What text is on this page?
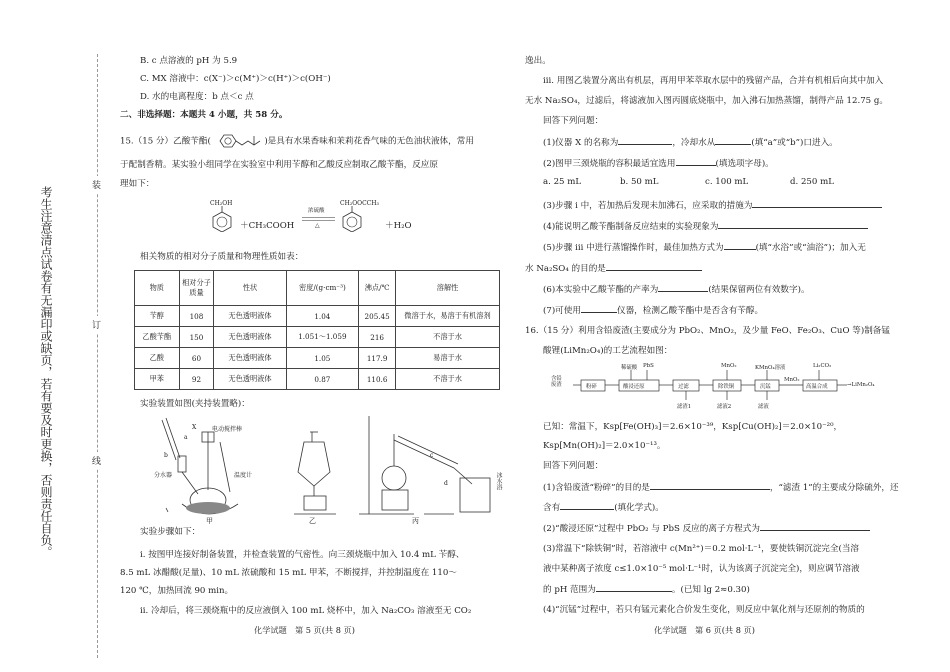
考生注意清点试卷有无漏印或缺页，若有要及时更换，否则责任自负。	装
订
线
B. c 点溶液的 pH 为 5.9
C. MX 溶液中：c(X⁻)＞c(M⁺)＞c(H⁺)＞c(OH⁻)
D. 水的电离程度：b 点＜c 点
二、非选择题：本题共 4 小题，共 58 分。
15.（15 分）乙酸苄酯(	)是具有水果香味和茉莉花香气味的无色油状液体，常用
于配制香精。某实验小组同学在实验室中利用苄醇和乙酸反应制取乙酸苄酯，反应原
理如下：
CH₂OH
＋CH₃COOH
浓硫酸
△
CH₂OOCCH₃
＋H₂O
相关物质的相对分子质量和物理性质如表：
物质	相对分子质量	性状	密度/(g·cm⁻³)	沸点/℃	溶解性
苄醇	108	无色透明液体	1.04	205.45	微溶于水，易溶于有机溶剂
乙酸苄酯	150	无色透明液体	1.051～1.059	216	不溶于水
乙酸	60	无色透明液体	1.05	117.9	易溶于水
甲苯	92	无色透明液体	0.87	110.6	不溶于水
实验装置如图(夹持装置略)：
X	电动搅拌棒
分水器	温度计
a
b	c
d	冰水浴
甲	乙	丙
实验步骤如下：
i. 按图甲连接好制备装置，并检查装置的气密性。向三颈烧瓶中加入 10.4 mL 苄醇、
8.5 mL 冰醋酸(足量)、10 mL 浓硫酸和 15 mL 甲苯，不断搅拌，并控制温度在 110～
120 ℃，加热回流 90 min。
ii. 冷却后，将三颈烧瓶中的反应液倒入 100 mL 烧杯中，加入 Na₂CO₃ 溶液至无 CO₂
化学试题　第 5 页(共 8 页)
逸出。
iii. 用图乙装置分离出有机层，再用甲苯萃取水层中的残留产品，合并有机相后向其中加入
无水 Na₂SO₄，过滤后，将滤液加入图丙圆底烧瓶中，加入沸石加热蒸馏，制得产品 12.75 g。
回答下列问题：
(1)仪器 X 的名称为	，冷却水从	(填“a”或“b”)口进入。
(2)图甲三颈烧瓶的容积最适宜选用	(填选项字母)。
a. 25 mL	b. 50 mL	c. 100 mL	d. 250 mL
(3)步骤 i 中，若加热后发现未加沸石，应采取的措施为
(4)能说明乙酸苄酯制备反应结束的实验现象为
(5)步骤 iii 中进行蒸馏操作时，最佳加热方式为	(填“水浴”或“油浴”)；加入无
水 Na₂SO₄ 的目的是
(6)本实验中乙酸苄酯的产率为	(结果保留两位有效数字)。
(7)可使用	仪器，检测乙酸苄酯中是否含有苄醇。
16.（15 分）利用含铅废渣(主要成分为 PbO₂、MnO₂，及少量 FeO、Fe₂O₃、CuO 等)制备锰
酸锂(LiMn₂O₄)的工艺流程如图：
含铅
废渣
稀硫酸 PbS	MnO₂	KMnO₄溶液	Li₂CO₃
粉碎	酸浸还原	过滤	除铁铜	沉锰	高温合成
MnO₂
→LiMn₂O₄
滤渣1	滤液2	滤液
已知：常温下，Ksp[Fe(OH)₃]＝2.6×10⁻³⁹，Ksp[Cu(OH)₂]＝2.0×10⁻²⁰，
Ksp[Mn(OH)₂]＝2.0×10⁻¹³。
回答下列问题：
(1)含铅废渣“粉碎”的目的是	，“滤渣 1”的主要成分除硫外，还
含有	(填化学式)。
(2)“酸浸还原”过程中 PbO₂ 与 PbS 反应的离子方程式为
(3)常温下“除铁铜”时，若溶液中 c(Mn²⁺)＝0.2 mol·L⁻¹，要使铁铜沉淀完全(当溶
液中某种离子浓度 c≤1.0×10⁻⁵ mol·L⁻¹时，认为该离子沉淀完全)，则应调节溶液
的 pH 范围为	。(已知 lg 2≈0.30)
(4)“沉锰”过程中，若只有锰元素化合价发生变化，则反应中氧化剂与还原剂的物质的
化学试题　第 6 页(共 8 页)
